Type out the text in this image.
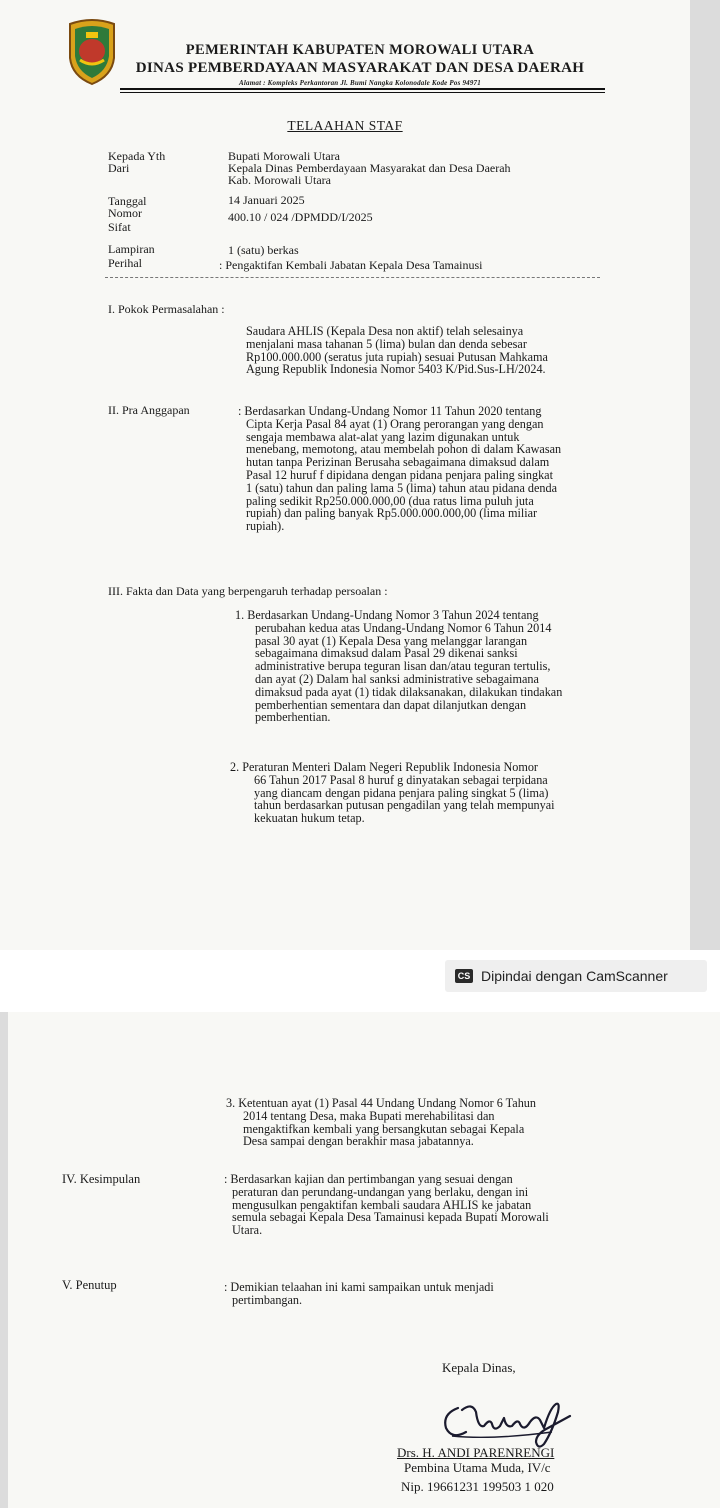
PEMERINTAH KABUPATEN MOROWALI UTARA
DINAS PEMBERDAYAAN MASYARAKAT DAN DESA DAERAH
Alamat : Kompleks Perkantoran Jl. Bumi Nangka Kolonodale Kode Pos 94971
TELAAHAN STAF
Kepada Yth	Bupati Morowali Utara
Dari	Kepala Dinas Pemberdayaan Masyarakat dan Desa Daerah
Kab. Morowali Utara
Tanggal	14 Januari 2025
Nomor	400.10 / 024 /DPMDD/I/2025
Sifat
Lampiran	1 (satu) berkas
Perihal	: Pengaktifan Kembali Jabatan Kepala Desa Tamainusi
I. Pokok Permasalahan :
Saudara AHLIS (Kepala Desa non aktif) telah selesainya
menjalani masa tahanan 5 (lima) bulan dan denda sebesar
Rp100.000.000 (seratus juta rupiah) sesuai Putusan Mahkama
Agung Republik Indonesia Nomor 5403 K/Pid.Sus-LH/2024.
II. Pra Anggapan	: Berdasarkan Undang-Undang Nomor 11 Tahun 2020 tentang
Cipta Kerja Pasal 84 ayat (1) Orang perorangan yang dengan
sengaja membawa alat-alat yang lazim digunakan untuk
menebang, memotong, atau membelah pohon di dalam Kawasan
hutan tanpa Perizinan Berusaha sebagaimana dimaksud dalam
Pasal 12 huruf f dipidana dengan pidana penjara paling singkat
1 (satu) tahun dan paling lama 5 (lima) tahun atau pidana denda
paling sedikit Rp250.000.000,00 (dua ratus lima puluh juta
rupiah) dan paling banyak Rp5.000.000.000,00 (lima miliar
rupiah).
III. Fakta dan Data yang berpengaruh terhadap persoalan :
1. Berdasarkan Undang-Undang Nomor 3 Tahun 2024 tentang
perubahan kedua atas Undang-Undang Nomor 6 Tahun 2014
pasal 30 ayat (1) Kepala Desa yang melanggar larangan
sebagaimana dimaksud dalam Pasal 29 dikenai sanksi
administrative berupa teguran lisan dan/atau teguran tertulis,
dan ayat (2) Dalam hal sanksi administrative sebagaimana
dimaksud pada ayat (1) tidak dilaksanakan, dilakukan tindakan
pemberhentian sementara dan dapat dilanjutkan dengan
pemberhentian.
2. Peraturan Menteri Dalam Negeri Republik Indonesia Nomor
66 Tahun 2017 Pasal 8 huruf g dinyatakan sebagai terpidana
yang diancam dengan pidana penjara paling singkat 5 (lima)
tahun berdasarkan putusan pengadilan yang telah mempunyai
kekuatan hukum tetap.
CS Dipindai dengan CamScanner
3. Ketentuan ayat (1) Pasal 44 Undang Undang Nomor 6 Tahun
2014 tentang Desa, maka Bupati merehabilitasi dan
mengaktifkan kembali yang bersangkutan sebagai Kepala
Desa sampai dengan berakhir masa jabatannya.
IV. Kesimpulan	: Berdasarkan kajian dan pertimbangan yang sesuai dengan
peraturan dan perundang-undangan yang berlaku, dengan ini
mengusulkan pengaktifan kembali saudara AHLIS ke jabatan
semula sebagai Kepala Desa Tamainusi kepada Bupati Morowali
Utara.
V. Penutup	: Demikian telaahan ini kami sampaikan untuk menjadi
pertimbangan.
Kepala Dinas,
Drs. H. ANDI PARENRENGI
Pembina Utama Muda, IV/c
Nip. 19661231 199503 1 020
